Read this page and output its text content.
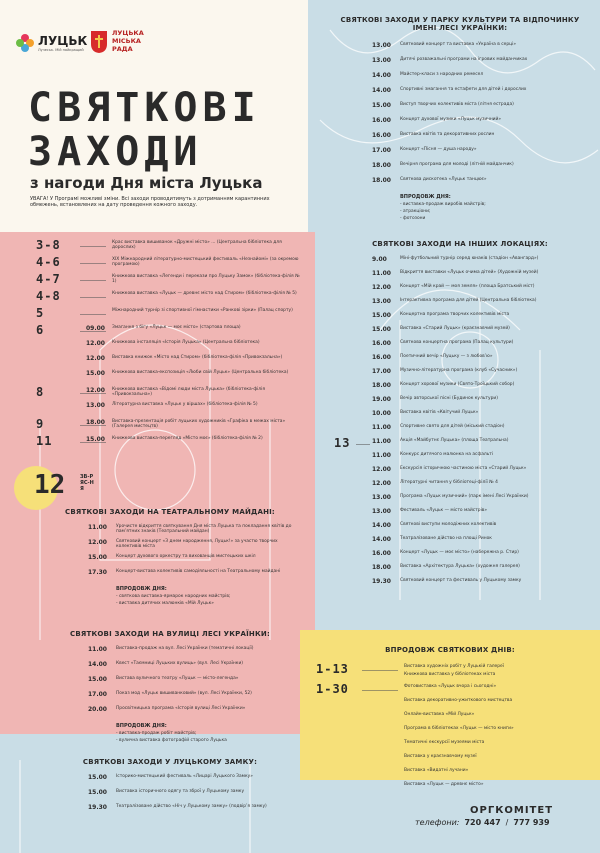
ЛУЦЬК
Лучеськ. Мій найкращий
ЛУЦЬКА
МІСЬКА
РАДА
СВЯТКОВІ
ЗАХОДИ
з нагоди Дня міста Луцька
УВАГА! У Програмі можливі зміни. Всі заходи проводитимуть з дотриманням карантинних обмежень, встановлених на дату проведення кожного заходу.
3-8	Крас виставка вишиванок «Дружні місто» ... (Центральна бібліотека для дорослих)
4-6	XIX Міжнародний літературно-мистецький фестиваль «Незнайомі» (за окремою програмою)
4-7	Книжкова виставка «Легенди і перекази про Луцьку Замок» (бібліотека-філія № 1)
4-8	Книжкова виставка «Луцьк — древнє місто над Стиром» (бібліотека-філія № 5)
5	Міжнародний турнір зі спортивної гімнастики «Ранкові зірки» (Палац спорту)
6	09.00	Змагання з бігу «Луцьк — моє місто» (стартова площа)
12.00	Книжкова інсталяція «Історія Луцька» (Центральна бібліотека)
12.00	Виставка книжок «Місто над Стиром» (бібліотека-філія «Привокзальна»)
15.00	Книжкова виставка-експозиція «Люби свій Луцьк» (Центральна бібліотека)
8	12.00	Книжкова виставка «Відомі люди міста Луцька» (бібліотека-філія «Привокзальна»)
13.00	Літературна виставка «Луцьк у віршах» (бібліотека-філія № 5)
9	18.00	Виставка-презентація робіт луцьких художників «Графіка в межах міста» (Галерея мистецтв)
11	15.00	Книжкова виставка-перегляд «Місто моє» (бібліотека-філія № 2)
12	ЗВ-РЯС-НЯ
СВЯТКОВІ ЗАХОДИ НА ТЕАТРАЛЬНОМУ МАЙДАНІ:
11.00	Урочисте відкриття святкування Дня міста Луцька та покладання квітів до пам’ятних знаків (Театральний майдан)
12.00	Святковий концерт «З днем народження, Луцьк!» за участю творчих колективів міста
15.00	Концерт духового оркестру та вихованців мистецьких шкіл
17.30	Концерт-вистава колективів самодіяльності на Театральному майдані
ВПРОДОВЖ ДНЯ:
- святкова виставка-ярмарок народних майстрів;
- виставка дитячих малюнків «Мій Луцьк»
СВЯТКОВІ ЗАХОДИ НА ВУЛИЦІ ЛЕСІ УКРАЇНКИ:
11.00	Виставка-продаж на вул. Лесі Українки (тематичні локації)
14.00	Квест «Таємниці Луцьких вулиць» (вул. Лесі Українки)
15.00	Вистава вуличного театру «Луцьк — місто-легенда»
17.00	Показ мод «Луцьк вишиванковий» (вул. Лесі Українки, 52)
20.00	Просвітницька програма «Історія вулиці Лесі Українки»
ВПРОДОВЖ ДНЯ:
- виставка-продаж робіт майстрів;
- вулична виставка фотографій старого Луцька
СВЯТКОВІ ЗАХОДИ У ЛУЦЬКОМУ ЗАМКУ:
15.00	Історико-мистецький фестиваль «Лицарі Луцького Замку»
15.00	Виставка історичного одягу та зброї у Луцькому замку
19.30	Театралізоване дійство «Ніч у Луцькому замку» (подвір’я замку)
СВЯТКОВІ ЗАХОДИ У ПАРКУ КУЛЬТУРИ ТА ВІДПОЧИНКУ ІМЕНІ ЛЕСІ УКРАЇНКИ:
13.00	Святковий концерт та виставка «Україна в серці»
13.00	Дитячі розважальні програми на ігрових майданчиках
14.00	Майстер-класи з народних ремесел
14.00	Спортивні змагання та естафети для дітей і дорослих
15.00	Виступ творчих колективів міста (літня естрада)
16.00	Концерт духової музики «Луцьк музичний»
16.00	Виставка квітів та декоративних рослин
17.00	Концерт «Пісня — душа народу»
18.00	Вечірня програма для молоді (літній майданчик)
18.00	Святкова дискотека «Луцьк танцює»
ВПРОДОВЖ ДНЯ:
- виставка-продаж виробів майстрів;
- атракціони;
- фотозони
СВЯТКОВІ ЗАХОДИ НА ІНШИХ ЛОКАЦІЯХ:
9.00	Міні-футбольний турнір серед юнаків (стадіон «Авангард»)
11.00	Відкриття виставки «Луцьк очима дітей» (Художній музей)
12.00	Концерт «Мій край — моя земля» (площа Братський міст)
13.00	Інтерактивна програма для дітей (Центральна бібліотека)
15.00	Концертна програма творчих колективів міста
15.00	Виставка «Старий Луцьк» (краєзнавчий музей)
16.00	Святкова концертна програма (Палац культури)
16.00	Поетичний вечір «Луцьку — з любов’ю»
17.00	Музично-літературна програма (клуб «Сучасник»)
18.00	Концерт хорової музики (Свято-Троїцький собор)
19.00	Вечір авторської пісні (Будинок культури)
10.00	Виставка квітів «Квітучий Луцьк»
11.00	Спортивне свято для дітей (міський стадіон)
11.00	Акція «Майбутнє Луцька» (площа Театральна)
11.00	Конкурс дитячого малюнка на асфальті
12.00	Екскурсія історичною частиною міста «Старий Луцьк»
12.00	Літературні читання у бібліотеці-філії № 4
13.00	Програма «Луцьк музичний» (парк імені Лесі Українки)
13.00	Фестиваль «Луцьк — місто майстрів»
14.00	Святкові виступи молодіжних колективів
14.00	Театралізоване дійство на площі Ринок
16.00	Концерт «Луцьк — моє місто» (набережна р. Стир)
18.00	Виставка «Архітектура Луцька» (художня галерея)
19.30	Святковий концерт та фестиваль у Луцькому замку
13
ВПРОДОВЖ СВЯТКОВИХ ДНІВ:
1-13	Виставка художніх робіт у Луцькій галереї
Книжкова виставка у бібліотеках міста
1-30	Фотовиставка «Луцьк вчора і сьогодні»
Виставка декоративно-ужиткового мистецтва
Онлайн-виставка «Мій Луцьк»
Програма в бібліотеках «Луцьк — місто книги»
Тематичні екскурсії музеями міста
Виставка у краєзнавчому музеї
Виставка «Видатні лучани»
Виставка «Луцьк — древнє місто»
ОРГКОМІТЕТ
телефони: 720 447 / 777 939
